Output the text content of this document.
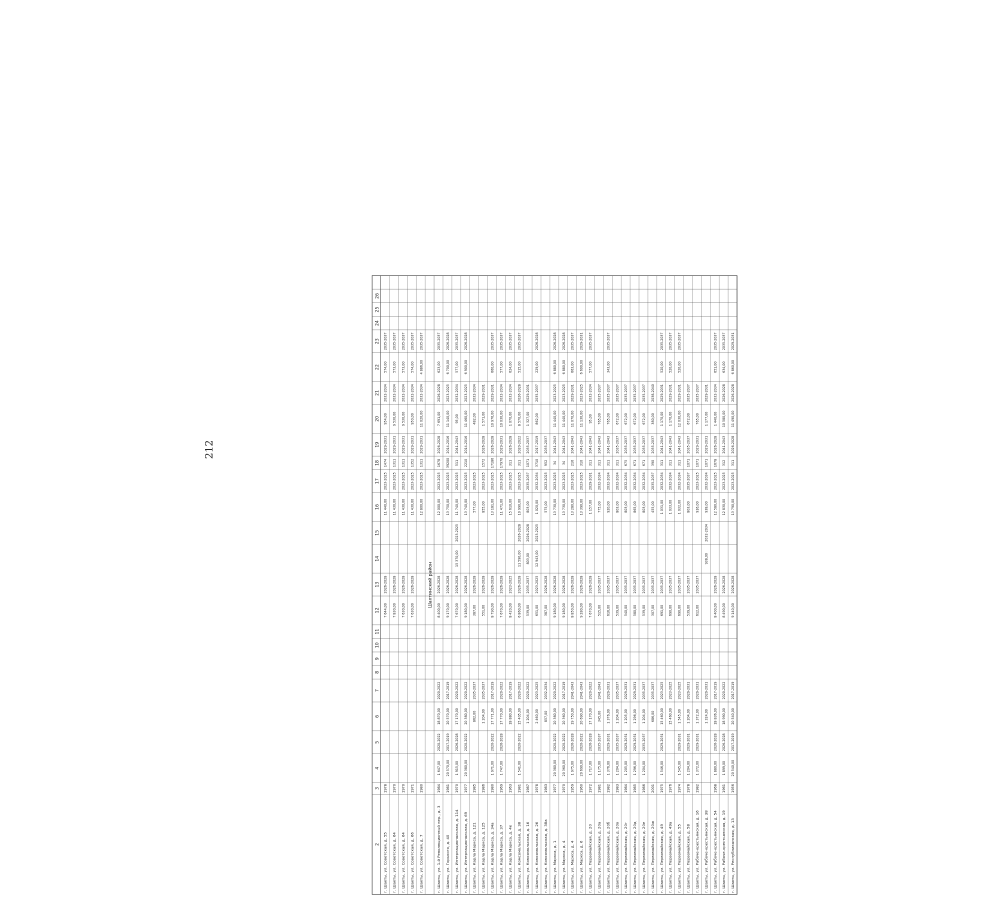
212
2
3
4
5
6
7
8
9
10
11
12
13
14
15
16
17
18
19
20
21
22
23
24
25
26
г. Шахты, ул. Советская, д. 55
1978
7 644,00
2026-2028
11 440,00
2023-2025
1474
2029-2031
954,00
2032-2034
574,00
2035-2037
г. Шахты, ул. Советская, д. 64
1970
7 830,00
2026-2028
11 430,00
2023-2025
1311
2029-2031
9 530,00
2032-2034
573,00
2035-2037
г. Шахты, ул. Советская, д. 64
1970
7 630,00
2026-2028
11 430,00
2023-2025
1311
2029-2031
9 530,00
2032-2034
573,00
2035-2037
г. Шахты, ул. Советская, д. 66
1971
7 630,00
2026-2028
11 430,00
2023-2025
1352
2029-2031
950,00
2032-2034
574,00
2035-2037
г. Шахты, ул. Советская, д. 7
1980
12 800,00
2023-2025
1311
2029-2031
11 020,00
2032-2034
4 886,00
2035-2037
Шахтинский район
г. Шахты, ул. 1-й Революционный пер., д. 3
1984
1 647,00
2020-2022
18 870,00
2020-2022
8 400,00
2026-2028
12 000,00
2023-2025
1678
2026-2028
7 691,00
2026-2028
623,00
2035-2037
г. Шахты, ул. Горького, д. 40
1981
20 570,00
2017-2019
20 570,00
2017-2019
9 170,00
2026-2028
13 750,00
2023-2025
39200
2014-2016
11 140,00
2023-2025
6 700,00
2026-2028
г. Шахты, ул. Интернациональная, д. 114
1970
1 915,00
2026-2028
17 170,00
2020-2022
7 670,00
2026-2028
15 370,00
2023-2025
11 740,00
2023-2025
511
2041-2043
95,00
2032-2034
577,00
2035-2037
г. Шахты, ул. Интернациональная, д. 69
1977
20 380,00
2020-2022
20 380,00
2020-2022
9 180,00
2026-2028
13 740,00
2023-2025
2210
2014-2016
11 460,00
2023-2025
6 900,00
2026-2028
г. Шахты, ул. Карла Маркса, д. 121
1985
862,00
2035-2037
387,00
2026-2028
577,00
2023-2025
482,00
2032-2034
г. Шахты, ул. Карла Маркса, д. 125
1986
1 204,00
2035-2037
551,00
2026-2028
855,00
2023-2025
1572
2026-2028
1 571,00
2029-2031
г. Шахты, ул. Карла Маркса, д. 34а
1980
1 971,00
2020-2022
17 771,00
2017-2019
8 790,00
2026-2028
13 181,00
2023-2025
17186
2026-2028
10 976,00
2029-2031
660,00
2035-2037
г. Шахты, ул. Карла Маркса, д. 37
1969
1 747,00
2026-2028
17 770,00
2020-2022
7 670,00
2026-2028
11 471,00
2023-2025
17970
2029-2031
10 030,00
2032-2034
577,00
2035-2037
г. Шахты, ул. Карла Маркса, д. 4е
1963
18 880,00
2017-2019
8 420,00
2023-2025
15 610,00
2023-2025
311
2026-2028
1 070,00
2032-2034
624,00
2035-2037
г. Шахты, ул. Комсомольская, д. 38
1981
1 541,00
2020-2022
15 405,00
2020-2022
6 860,00
2026-2028
11 590,00
2026-2028
10 990,00
2023-2025
311
2020-2022
8 570,00
2026-2028
515,00
2035-2037
г. Шахты, ул. Комсомольская, д. 16
1987
1 204,00
2020-2022
539,00
2035-2037
803,00
2026-2028
803,00
2035-2037
1071
2035-2037
1 327,00
2029-2031
г. Шахты, ул. Комсомольская, д. 26
1978
2 460,00
2023-2025
651,00
2023-2025
12 943,00
2023-2025
1 020,00
2032-2034
3710
2017-2019
862,00
2035-2037
229,00
2026-2028
г. Шахты, ул. Комсомольская, д. 38а
1983
857,00
2032-2034
387,00
2026-2028
575,00
2023-2025
952
2035-2037
г. Шахты, ул. Маркса, д. 1
1977
20 380,00
2020-2022
20 380,00
2020-2022
9 180,00
2026-2028
13 730,00
2023-2025
34
2041-2043
11 440,00
2023-2025
6 880,00
2026-2028
г. Шахты, ул. Маркса, д. 4
1970
20 360,00
2020-2022
20 360,00
2017-2019
9 180,00
2026-2028
13 730,00
2023-2025
34
2041-2043
11 440,00
2023-2025
6 880,00
2026-2028
г. Шахты, ул. Маркса, д. 4
1959
1 975,00
2026-2028
19 750,00
2041-2043
8 850,00
2026-2028
13 280,00
2023-2025
216
2041-2043
11 070,00
2029-2031
663,00
2035-2037
г. Шахты, ул. Маркса, д. 6
1960
20 690,00
2020-2022
20 690,00
2041-2043
9 280,00
2026-2028
13 390,00
2023-2025
310
2041-2043
11 130,00
2023-2025
6 600,00
2029-2031
г. Шахты, ул. Первомайская, д. 20
1972
1 717,00
2026-2028
17 170,00
2020-2022
7 670,00
2026-2028
1 157,00
2029-2031
311
2041-2043
95,00
2032-2034
577,00
2035-2037
г. Шахты, ул. Первомайская, д. 20а
1981
1 175,00
2035-2037
345,00
2041-2043
515,00
2035-2037
775,00
2032-2034
311
2041-2043
765,00
2035-2037
г. Шахты, ул. Первомайская, д. 20б
1982
1 376,00
2029-2031
1 376,00
2029-2031
616,00
2035-2037
920,00
2032-2034
311
2041-2043
765,00
2035-2037
343,00
2035-2037
г. Шахты, ул. Первомайская, д. 20в
1983
1 204,00
2035-2037
1 204,00
2035-2037
539,00
2035-2037
803,00
2032-2034
311
2035-2037
672,00
2035-2037
г. Шахты, ул. Первомайская, д. 20г
1984
1 205,00
2029-2031
1 205,00
2029-2031
540,00
2035-2037
803,00
2032-2034
675
2035-2037
672,00
2035-2037
г. Шахты, ул. Первомайская, д. 20д
1985
1 296,00
2029-2031
1 296,00
2029-2031
580,00
2035-2037
865,00
2032-2034
671
2035-2037
672,00
2035-2037
г. Шахты, ул. Первомайская, д. 20е
1986
1 204,00
2035-2037
1 204,00
2035-2037
539,00
2035-2037
803,00
2032-2034
671
2035-2037
672,00
2035-2037
г. Шахты, ул. Первомайская, д. 20ж
2001
686,00
2035-2037
307,00
2035-2037
455,00
2035-2037
390
2035-2037
380,00
2038-2040
г. Шахты, ул. Первомайская, д. 49
1975
1 546,00
2029-2031
15 460,00
2023-2025
691,00
2035-2037
1 031,00
2032-2034
311
2041-2043
1 170,00
2029-2031
520,00
2035-2037
г. Шахты, ул. Первомайская, д. 49а
1976
15 460,00
2023-2025
690,00
2035-2037
1 033,00
2032-2034
311
2041-2043
1 170,00
2029-2031
520,00
2035-2037
г. Шахты, ул. Первомайская, д. 55
1974
1 545,00
2029-2031
1 545,00
2023-2025
690,00
2035-2037
1 032,00
2032-2034
311
2041-2043
12 030,00
2029-2031
520,00
2035-2037
г. Шахты, ул. Первомайская, д. 58
1978
1 204,00
2029-2031
1 204,00
2029-2031
539,00
2035-2037
803,00
2035-2037
1071
2035-2037
672,00
2035-2037
г. Шахты, ул. Рабоче-крестьянская, д. 16
1982
1 372,00
2029-2031
1 372,00
2029-2031
612,00
2035-2037
916,00
2023-2025
1071
2029-2031
765,00
2035-2037
г. Шахты, ул. Рабоче-крестьянская, д. 38
1 324,00
2029-2031
938,00
2032-2034
938,00
2032-2034
1071
2029-2031
1 177,00
2029-2031
г. Шахты, ул. Рабоче-крестьянская, д. 54
1968
1 880,00
2026-2028
18 836,00
2017-2019
8 400,00
2026-2028
12 580,00
2023-2025
1678
2026-2028
1 440,00
2032-2034
651,00
2035-2037
г. Шахты, ул. Рабоче-крестьянская, д. 19
1961
1 899,00
2026-2028
18 990,00
2020-2022
8 490,00
2026-2028
12 830,00
2023-2025
312
2041-2043
10 580,00
2026-2028
634,00
2035-2037
г. Шахты, ул. Республиканская, д. 13
1956
20 540,00
2017-2019
20 540,00
2017-2019
9 140,00
2026-2028
13 790,00
2023-2025
311
2026-2028
11 490,00
2026-2028
6 860,00
2029-2031
